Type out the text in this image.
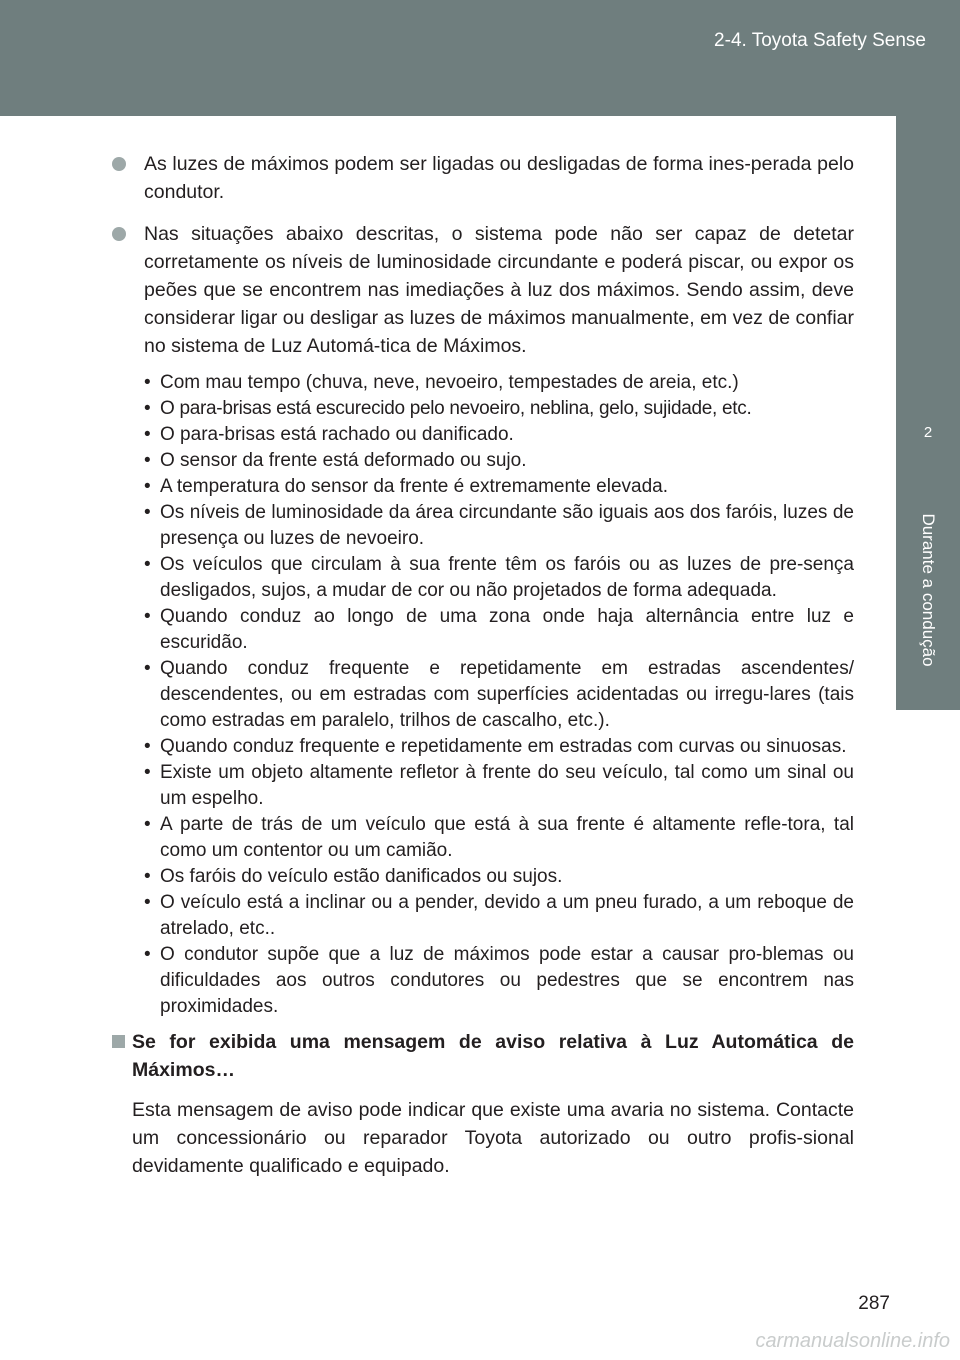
2-4. Toyota Safety Sense
2
Durante a condução

As luzes de máximos podem ser ligadas ou desligadas de forma ines-perada pelo condutor.

Nas situações abaixo descritas, o sistema pode não ser capaz de detetar corretamente os níveis de luminosidade circundante e poderá piscar, ou expor os peões que se encontrem nas imediações à luz dos máximos. Sendo assim, deve considerar ligar ou desligar as luzes de máximos manualmente, em vez de confiar no sistema de Luz Automá-tica de Máximos.

• Com mau tempo (chuva, neve, nevoeiro, tempestades de areia, etc.)
• O para-brisas está escurecido pelo nevoeiro, neblina, gelo, sujidade, etc.
• O para-brisas está rachado ou danificado.
• O sensor da frente está deformado ou sujo.
• A temperatura do sensor da frente é extremamente elevada.
• Os níveis de luminosidade da área circundante são iguais aos dos faróis, luzes de presença ou luzes de nevoeiro.
• Os veículos que circulam à sua frente têm os faróis ou as luzes de pre-sença desligados, sujos, a mudar de cor ou não projetados de forma adequada.
• Quando conduz ao longo de uma zona onde haja alternância entre luz e escuridão.
• Quando conduz frequente e repetidamente em estradas ascendentes/ descendentes, ou em estradas com superfícies acidentadas ou irregu-lares (tais como estradas em paralelo, trilhos de cascalho, etc.).
• Quando conduz frequente e repetidamente em estradas com curvas ou sinuosas.
• Existe um objeto altamente refletor à frente do seu veículo, tal como um sinal ou um espelho.
• A parte de trás de um veículo que está à sua frente é altamente refle-tora, tal como um contentor ou um camião.
• Os faróis do veículo estão danificados ou sujos.
• O veículo está a inclinar ou a pender, devido a um pneu furado, a um reboque de atrelado, etc..
• O condutor supõe que a luz de máximos pode estar a causar pro-blemas ou dificuldades aos outros condutores ou pedestres que se encontrem nas proximidades.
Se for exibida uma mensagem de aviso relativa à Luz Automática de Máximos…

Esta mensagem de aviso pode indicar que existe uma avaria no sistema. Contacte um concessionário ou reparador Toyota autorizado ou outro profis-sional devidamente qualificado e equipado.

287
carmanualsonline.info
